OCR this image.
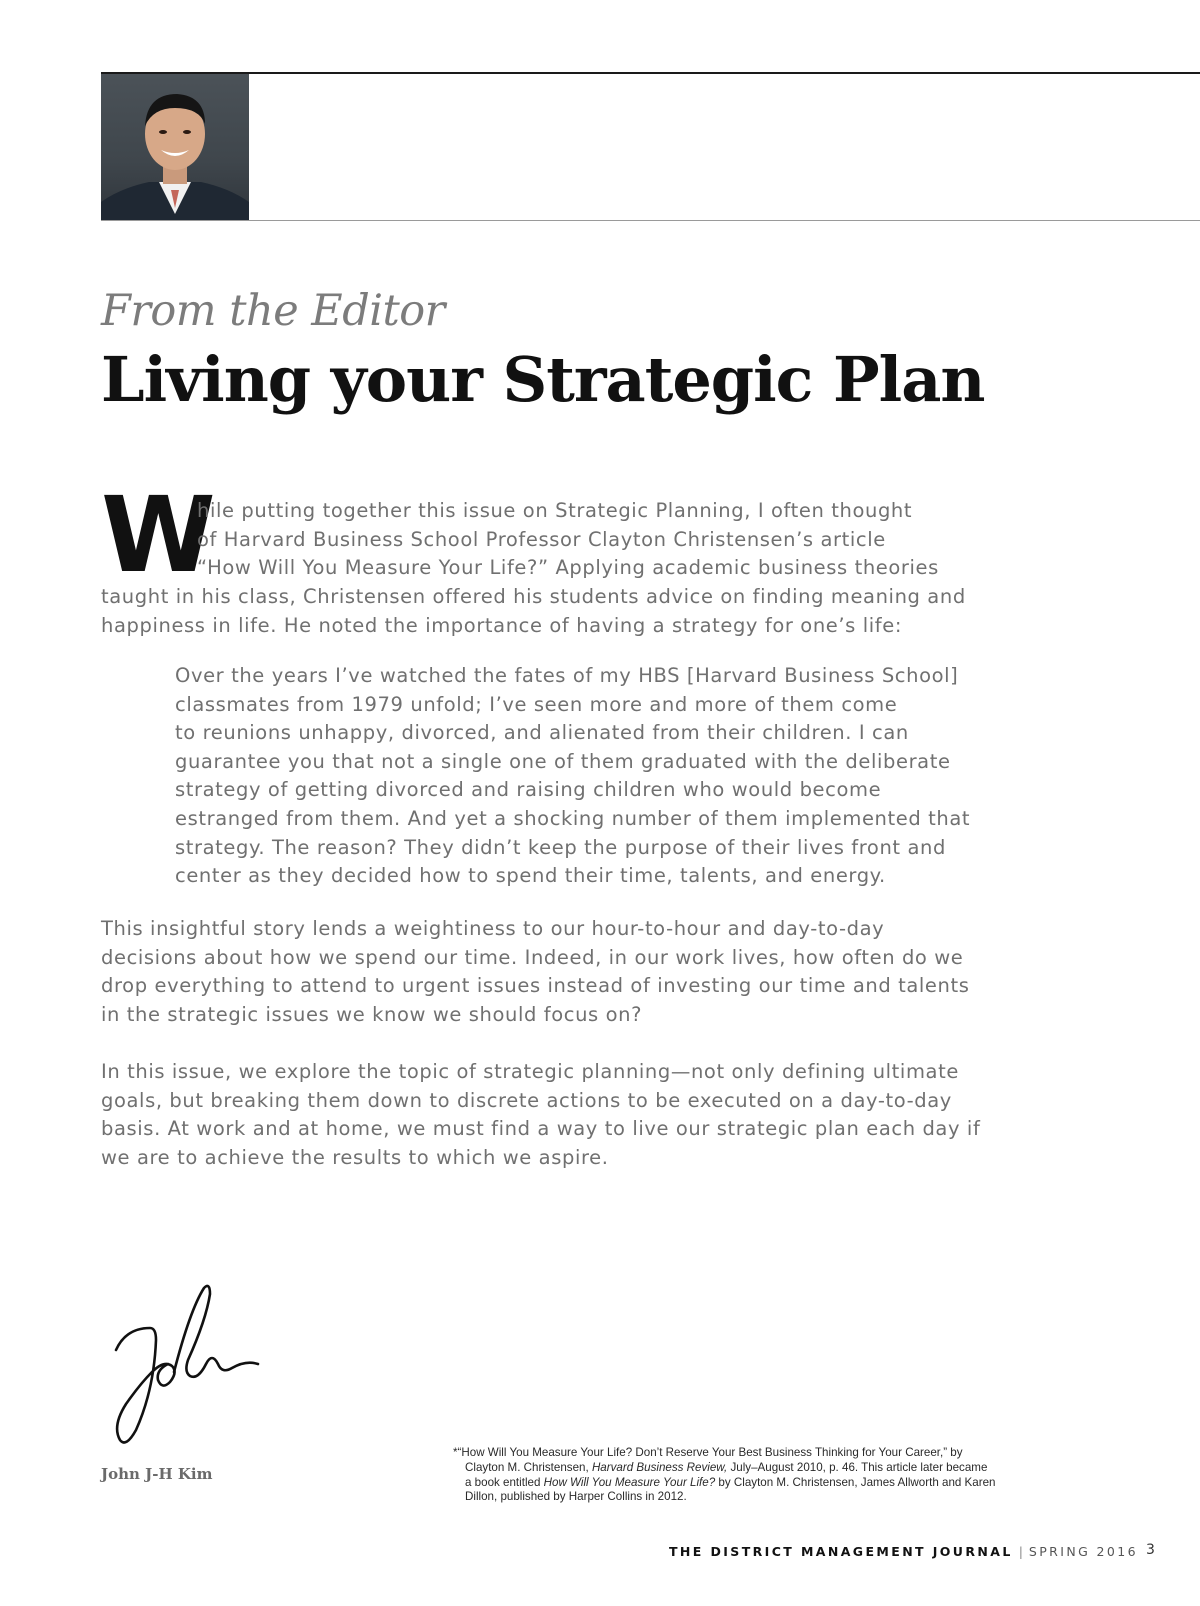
From the Editor
Living your Strategic Plan
W

hile putting together this issue on Strategic Planning, I often thought
of Harvard Business School Professor Clayton Christensen’s article
“How Will You Measure Your Life?” Applying academic business theories

taught in his class, Christensen offered his students advice on finding meaning and
happiness in life. He noted the importance of having a strategy for one’s life:

Over the years I’ve watched the fates of my HBS [Harvard Business School]
classmates from 1979 unfold; I’ve seen more and more of them come
to reunions unhappy, divorced, and alienated from their children. I can
guarantee you that not a single one of them graduated with the deliberate
strategy of getting divorced and raising children who would become
estranged from them. And yet a shocking number of them implemented that
strategy. The reason? They didn’t keep the purpose of their lives front and
center as they decided how to spend their time, talents, and energy.

This insightful story lends a weightiness to our hour-to-hour and day-to-day
decisions about how we spend our time. Indeed, in our work lives, how often do we
drop everything to attend to urgent issues instead of investing our time and talents
in the strategic issues we know we should focus on?

In this issue, we explore the topic of strategic planning—not only defining ultimate
goals, but breaking them down to discrete actions to be executed on a day-to-day
basis. At work and at home, we must find a way to live our strategic plan each day if
we are to achieve the results to which we aspire.

John J-H Kim

*“How Will You Measure Your Life? Don’t Reserve Your Best Business Thinking for Your Career,” by
Clayton M. Christensen, Harvard Business Review, July–August 2010, p. 46. This article later became
a book entitled How Will You Measure Your Life? by Clayton M. Christensen, James Allworth and Karen
Dillon, published by Harper Collins in 2012.

THE DISTRICT MANAGEMENT JOURNAL | SPRING 2016 3
